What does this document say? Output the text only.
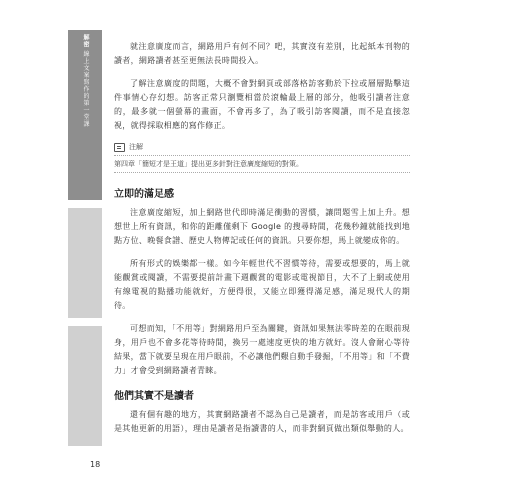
解密 線上文案寫作的第一堂課

就注意廣度而言，網路用戶有何不同？吧，其實沒有差別，比起紙本刊物的讀者，網路讀者甚至更無法長時間投入。

了解注意廣度的問題，大概不會對網頁或部落格訪客動於下拉或層層點擊這件事情心存幻想。訪客正常只瀏覽相當於滾輪最上層的部分，他吸引讀者注意的，最多就一個螢幕的畫面，不會再多了，為了吸引訪客閱讀，而不是直接忽視，就得採取相應的寫作修正。

注解
第四章「簡短才是王道」提出更多針對注意廣度縮短的對策。
立即的滿足感

注意廣度縮短，加上網路世代即時滿足衝動的習慣，讓問題雪上加上升。想想世上所有資訊，和你的距離僅剩下 Google 的搜尋時間，花幾秒鐘就能找到地點方位、晚餐食譜、歷史人物傳記或任何的資訊。只要你想，馬上就變成你的。

所有形式的娛樂都一樣。如今年輕世代不習慣等待，需要或想要的，馬上就能觀賞或閱讀，不需要提前計畫下週觀賞的電影或電視節目，大不了上網或使用有線電視的點播功能就好，方便得很，又能立即獲得滿足感，滿足現代人的期待。

可想而知，「不用等」對網路用戶至為關鍵，資訊如果無法零時差的在眼前現身，用戶也不會多花等待時間，換另一處速度更快的地方就好。沒人會耐心等待結果，當下就要呈現在用戶眼前，不必讓他們艱自動手發掘，「不用等」和「不費力」才會受到網路讀者青睞。

他們其實不是讀者

還有個有趣的地方，其實網路讀者不認為自己是讀者，而是訪客或用戶（或是其他更新的用語），理由是讀者是指讀書的人，而非對網頁做出類似舉動的人。

18
